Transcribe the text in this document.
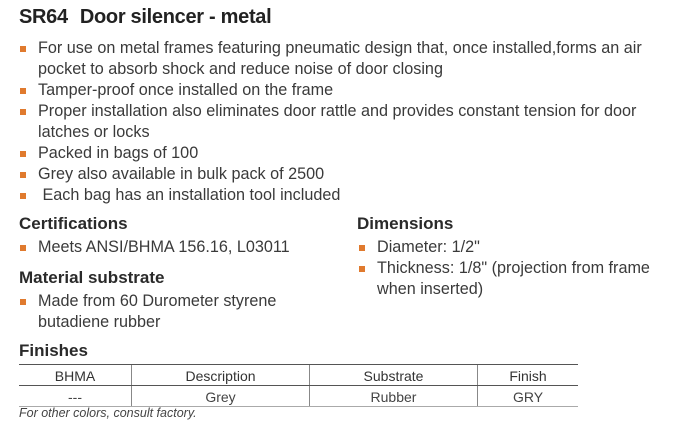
SR64 Door silencer - metal
For use on metal frames featuring pneumatic design that, once installed,forms an air pocket to absorb shock and reduce noise of door closing
Tamper-proof once installed on the frame
Proper installation also eliminates door rattle and provides constant tension for door latches or locks
Packed in bags of 100
Grey also available in bulk pack of 2500
Each bag has an installation tool included
Certifications
Meets ANSI/BHMA 156.16, L03011
Material substrate
Made from 60 Durometer styrene butadiene rubber
Dimensions
Diameter: 1/2"
Thickness: 1/8" (projection from frame when inserted)
Finishes
BHMA	Description	Substrate	Finish
---	Grey	Rubber	GRY

For other colors, consult factory.
